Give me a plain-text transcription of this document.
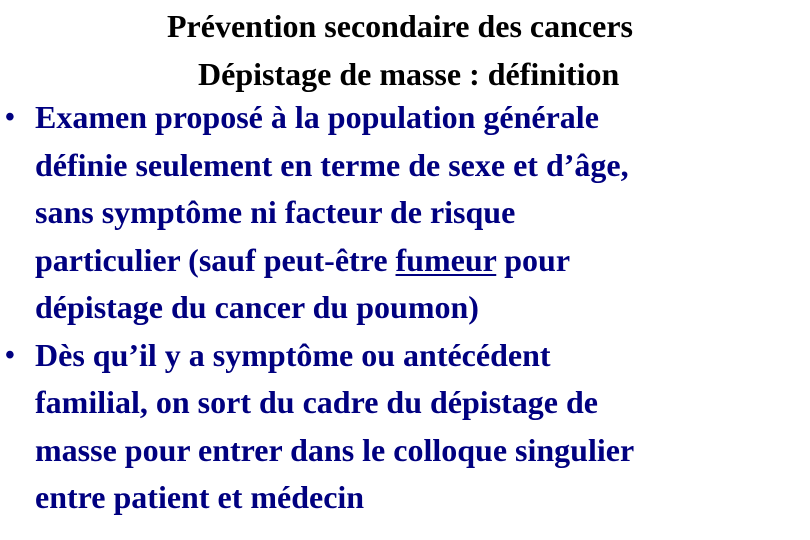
Prévention secondaire des cancers
Dépistage de masse : définition
• Examen proposé à la population générale
définie seulement en terme de sexe et d’âge,
sans symptôme ni facteur de risque
particulier (sauf peut-être fumeur pour
dépistage du cancer du poumon)
• Dès qu’il y a symptôme ou antécédent
familial, on sort du cadre du dépistage de
masse pour entrer dans le colloque singulier
entre patient et médecin
